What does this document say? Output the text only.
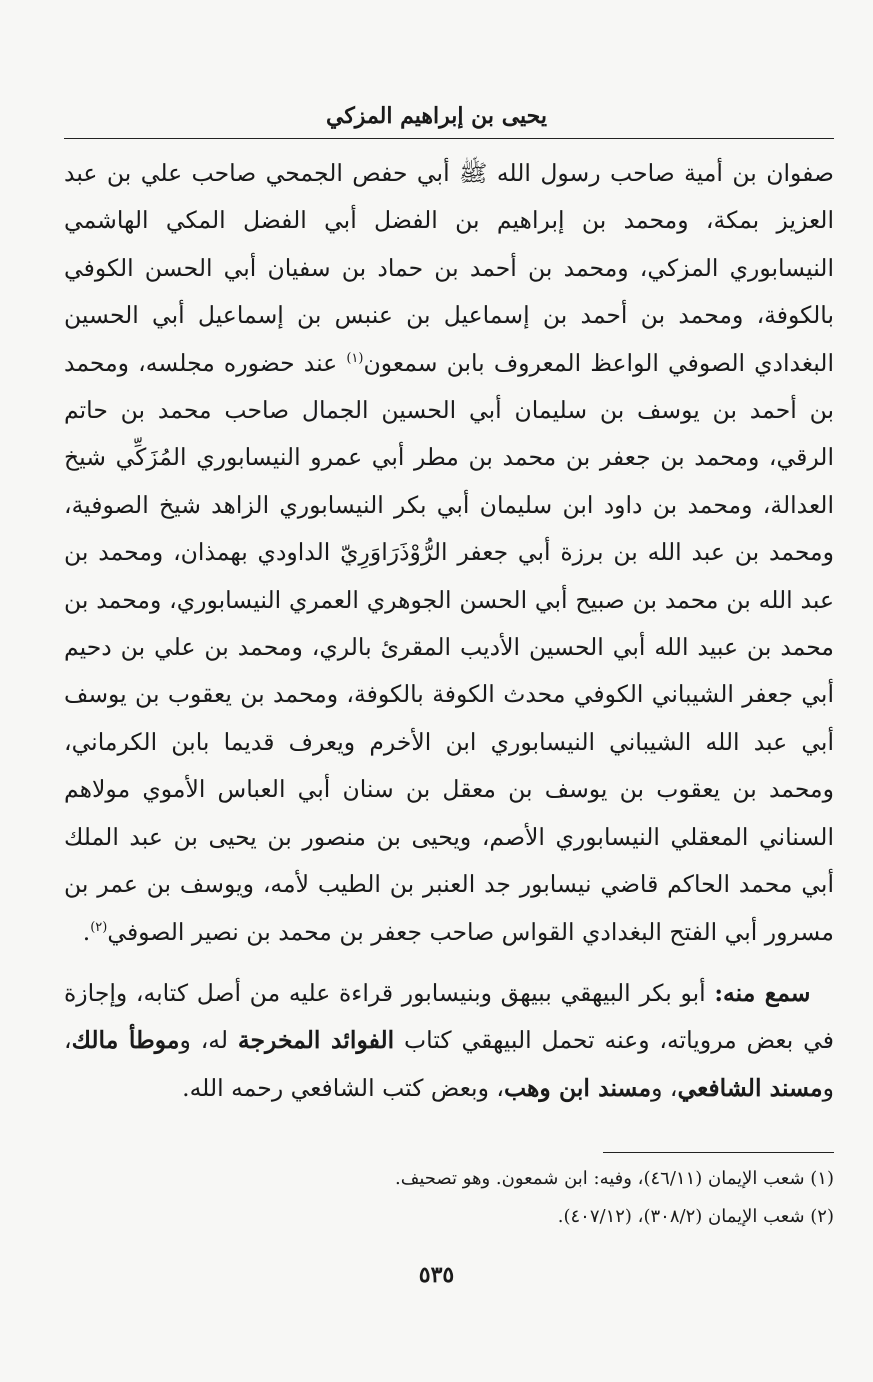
يحيى بن إبراهيم المزكي

صفوان بن أمية صاحب رسول الله ﷺ أبي حفص الجمحي صاحب علي بن عبد العزيز بمكة، ومحمد بن إبراهيم بن الفضل أبي الفضل المكي الهاشمي النيسابوري المزكي، ومحمد بن أحمد بن حماد بن سفيان أبي الحسن الكوفي بالكوفة، ومحمد بن أحمد بن إسماعيل بن عنبس بن إسماعيل أبي الحسين البغدادي الصوفي الواعظ المعروف بابن سمعون$^{(١)}$ عند حضوره مجلسه، ومحمد بن أحمد بن يوسف بن سليمان أبي الحسين الجمال صاحب محمد بن حاتم الرقي، ومحمد بن جعفر بن محمد بن مطر أبي عمرو النيسابوري المُزَكِّي شيخ العدالة، ومحمد بن داود ابن سليمان أبي بكر النيسابوري الزاهد شيخ الصوفية، ومحمد بن عبد الله بن برزة أبي جعفر الرُّوْذَرَاوَرِيّ الداودي بهمذان، ومحمد بن عبد الله بن محمد بن صبيح أبي الحسن الجوهري العمري النيسابوري، ومحمد بن محمد بن عبيد الله أبي الحسين الأديب المقرئ بالري، ومحمد بن علي بن دحيم أبي جعفر الشيباني الكوفي محدث الكوفة بالكوفة، ومحمد بن يعقوب بن يوسف أبي عبد الله الشيباني النيسابوري ابن الأخرم ويعرف قديما بابن الكرماني، ومحمد بن يعقوب بن يوسف بن معقل بن سنان أبي العباس الأموي مولاهم السناني المعقلي النيسابوري الأصم، ويحيى بن منصور بن يحيى بن عبد الملك أبي محمد الحاكم قاضي نيسابور جد العنبر بن الطيب لأمه، ويوسف بن عمر بن مسرور أبي الفتح البغدادي القواس صاحب جعفر بن محمد بن نصير الصوفي$^{(٢)}$.

 سمع منه: أبو بكر البيهقي ببيهق وبنيسابور قراءة عليه من أصل كتابه، وإجازة في بعض مروياته، وعنه تحمل البيهقي كتاب الفوائد المخرجة له، وموطأ مالك، ومسند الشافعي، ومسند ابن وهب، وبعض كتب الشافعي رحمه الله.

(١) شعب الإيمان (٤٦/١١)، وفيه: ابن شمعون. وهو تصحيف.
(٢) شعب الإيمان (٣٠٨/٢)، (٤٠٧/١٢).
٥٣٥
